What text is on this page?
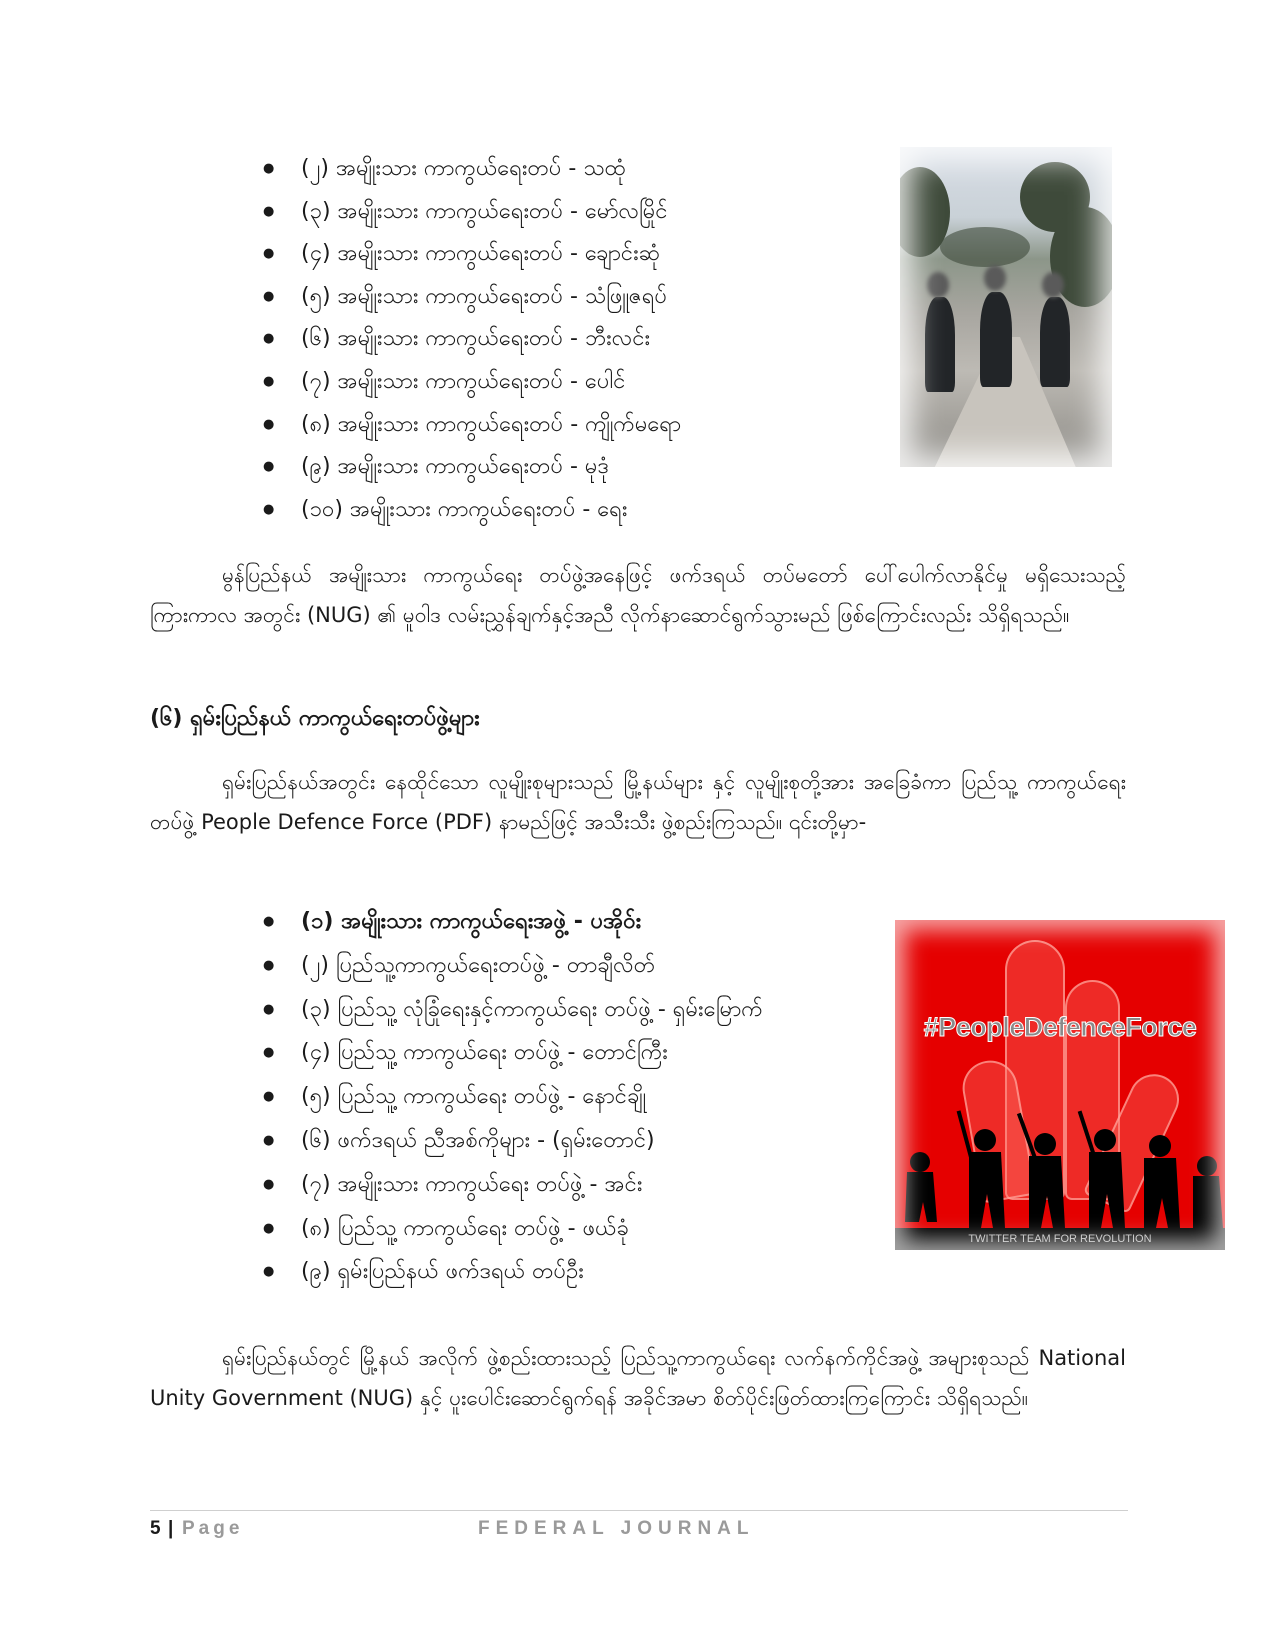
● (၂) အမျိုးသား ကာကွယ်ရေးတပ် - သထုံ
● (၃) အမျိုးသား ကာကွယ်ရေးတပ် - မော်လမြိုင်
● (၄) အမျိုးသား ကာကွယ်ရေးတပ် - ချောင်းဆုံ
● (၅) အမျိုးသား ကာကွယ်ရေးတပ် - သံဖြူဇရပ်
● (၆) အမျိုးသား ကာကွယ်ရေးတပ် - ဘီးလင်း
● (၇) အမျိုးသား ကာကွယ်ရေးတပ် - ပေါင်
● (၈) အမျိုးသား ကာကွယ်ရေးတပ် - ကျိုက်မရော
● (၉) အမျိုးသား ကာကွယ်ရေးတပ် - မုဒုံ
● (၁၀) အမျိုးသား ကာကွယ်ရေးတပ် - ရေး

မွန်ပြည်နယ် အမျိုးသား ကာကွယ်ရေး တပ်ဖွဲ့အနေဖြင့် ဖက်ဒရယ် တပ်မတော် ပေါ်ပေါက်လာနိုင်မှု မရှိသေးသည့် ကြားကာလ အတွင်း (NUG) ၏ မူဝါဒ လမ်းညွှန်ချက်နှင့်အညီ လိုက်နာဆောင်ရွက်သွားမည် ဖြစ်ကြောင်းလည်း သိရှိရသည်။

(၆) ရှမ်းပြည်နယ် ကာကွယ်ရေးတပ်ဖွဲ့များ

ရှမ်းပြည်နယ်အတွင်း နေထိုင်သော လူမျိုးစုများသည် မြို့နယ်များ နှင့် လူမျိုးစုတို့အား အခြေခံကာ ပြည်သူ့ ကာကွယ်ရေးတပ်ဖွဲ့ People Defence Force (PDF) နာမည်ဖြင့် အသီးသီး ဖွဲ့စည်းကြသည်။ ၎င်းတို့မှာ-

● (၁) အမျိုးသား ကာကွယ်ရေးအဖွဲ့ - ပအိုဝ်း
● (၂) ပြည်သူ့ကာကွယ်ရေးတပ်ဖွဲ့ - တာချီလိတ်
● (၃) ပြည်သူ့ လုံခြုံရေးနှင့်ကာကွယ်ရေး တပ်ဖွဲ့ - ရှမ်းမြောက်
● (၄) ပြည်သူ့ ကာကွယ်ရေး တပ်ဖွဲ့ - တောင်ကြီး
● (၅) ပြည်သူ့ ကာကွယ်ရေး တပ်ဖွဲ့ - နောင်ချို
● (၆) ဖက်ဒရယ် ညီအစ်ကိုများ - (ရှမ်းတောင်)
● (၇) အမျိုးသား ကာကွယ်ရေး တပ်ဖွဲ့ - အင်း
● (၈) ပြည်သူ့ ကာကွယ်ရေး တပ်ဖွဲ့ - ဖယ်ခုံ
● (၉) ရှမ်းပြည်နယ် ဖက်ဒရယ် တပ်ဦး
#PeopleDefenceForce
TWITTER TEAM FOR REVOLUTION

ရှမ်းပြည်နယ်တွင် မြို့နယ် အလိုက် ဖွဲ့စည်းထားသည့် ပြည်သူ့ကာကွယ်ရေး လက်နက်ကိုင်အဖွဲ့ အများစုသည် National Unity Government (NUG) နှင့် ပူးပေါင်းဆောင်ရွက်ရန် အခိုင်အမာ စိတ်ပိုင်းဖြတ်ထားကြကြောင်း သိရှိရသည်။

5 | Page	FEDERAL JOURNAL
